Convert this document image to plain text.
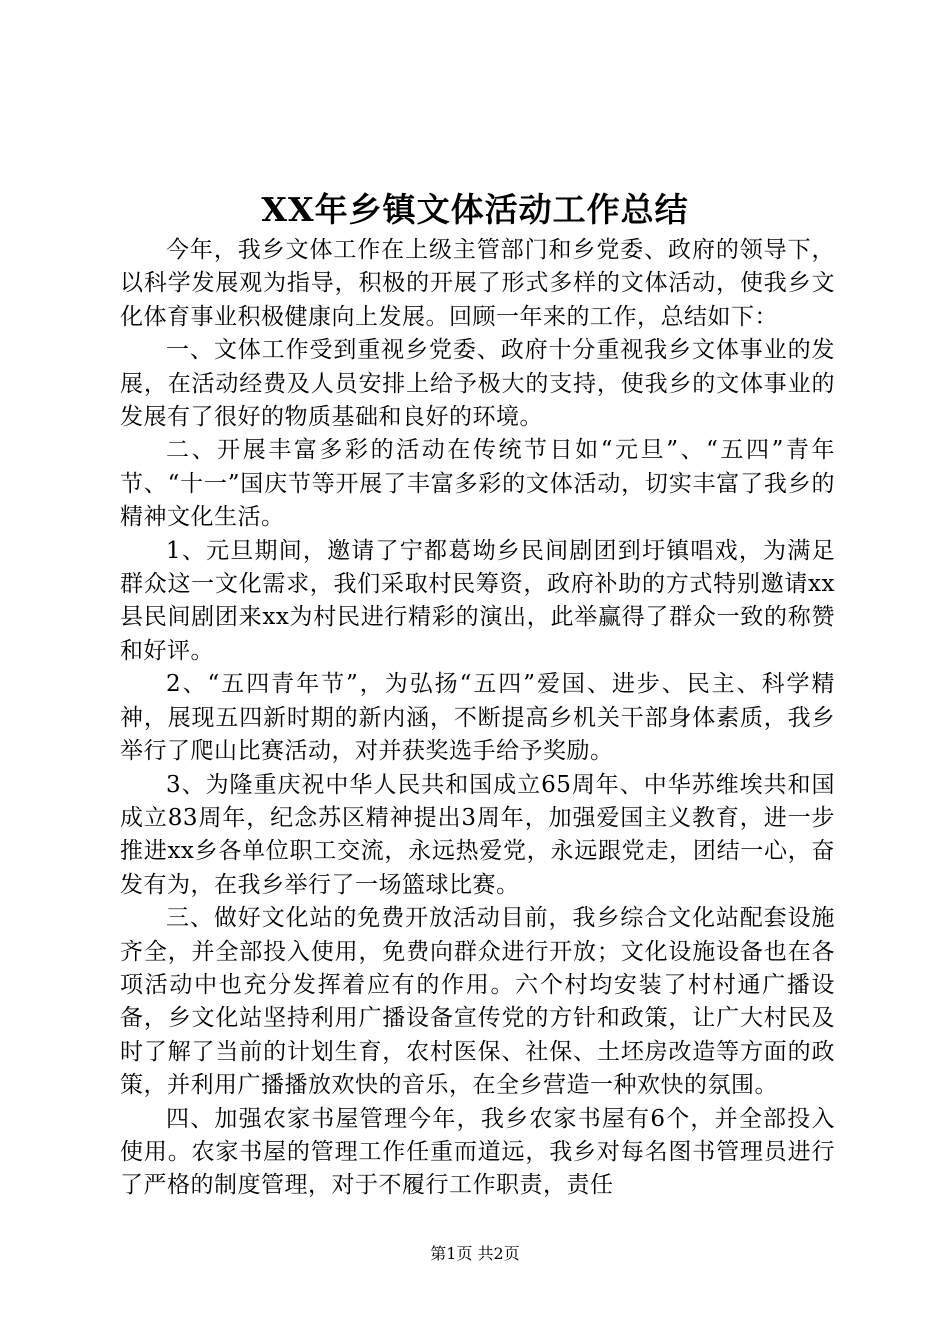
XX年乡镇文体活动工作总结

今年，我乡文体工作在上级主管部门和乡党委、政府的领导下，以科学发展观为指导，积极的开展了形式多样的文体活动，使我乡文化体育事业积极健康向上发展。回顾一年来的工作，总结如下：

一、文体工作受到重视乡党委、政府十分重视我乡文体事业的发展，在活动经费及人员安排上给予极大的支持，使我乡的文体事业的发展有了很好的物质基础和良好的环境。

二、开展丰富多彩的活动在传统节日如“元旦”、“五四”青年节、“十一”国庆节等开展了丰富多彩的文体活动，切实丰富了我乡的精神文化生活。

1、元旦期间，邀请了宁都葛坳乡民间剧团到圩镇唱戏，为满足群众这一文化需求，我们采取村民筹资，政府补助的方式特别邀请xx县民间剧团来xx为村民进行精彩的演出，此举赢得了群众一致的称赞和好评。

2、“五四青年节”，为弘扬“五四”爱国、进步、民主、科学精神，展现五四新时期的新内涵，不断提高乡机关干部身体素质，我乡举行了爬山比赛活动，对并获奖选手给予奖励。

3、为隆重庆祝中华人民共和国成立65周年、中华苏维埃共和国成立83周年，纪念苏区精神提出3周年，加强爱国主义教育，进一步推进xx乡各单位职工交流，永远热爱党，永远跟党走，团结一心，奋发有为，在我乡举行了一场篮球比赛。

三、做好文化站的免费开放活动目前，我乡综合文化站配套设施齐全，并全部投入使用，免费向群众进行开放；文化设施设备也在各项活动中也充分发挥着应有的作用。六个村均安装了村村通广播设备，乡文化站坚持利用广播设备宣传党的方针和政策，让广大村民及时了解了当前的计划生育，农村医保、社保、土坯房改造等方面的政策，并利用广播播放欢快的音乐，在全乡营造一种欢快的氛围。

四、加强农家书屋管理今年，我乡农家书屋有6个，并全部投入使用。农家书屋的管理工作任重而道远，我乡对每名图书管理员进行了严格的制度管理，对于不履行工作职责，责任

第1页 共2页
